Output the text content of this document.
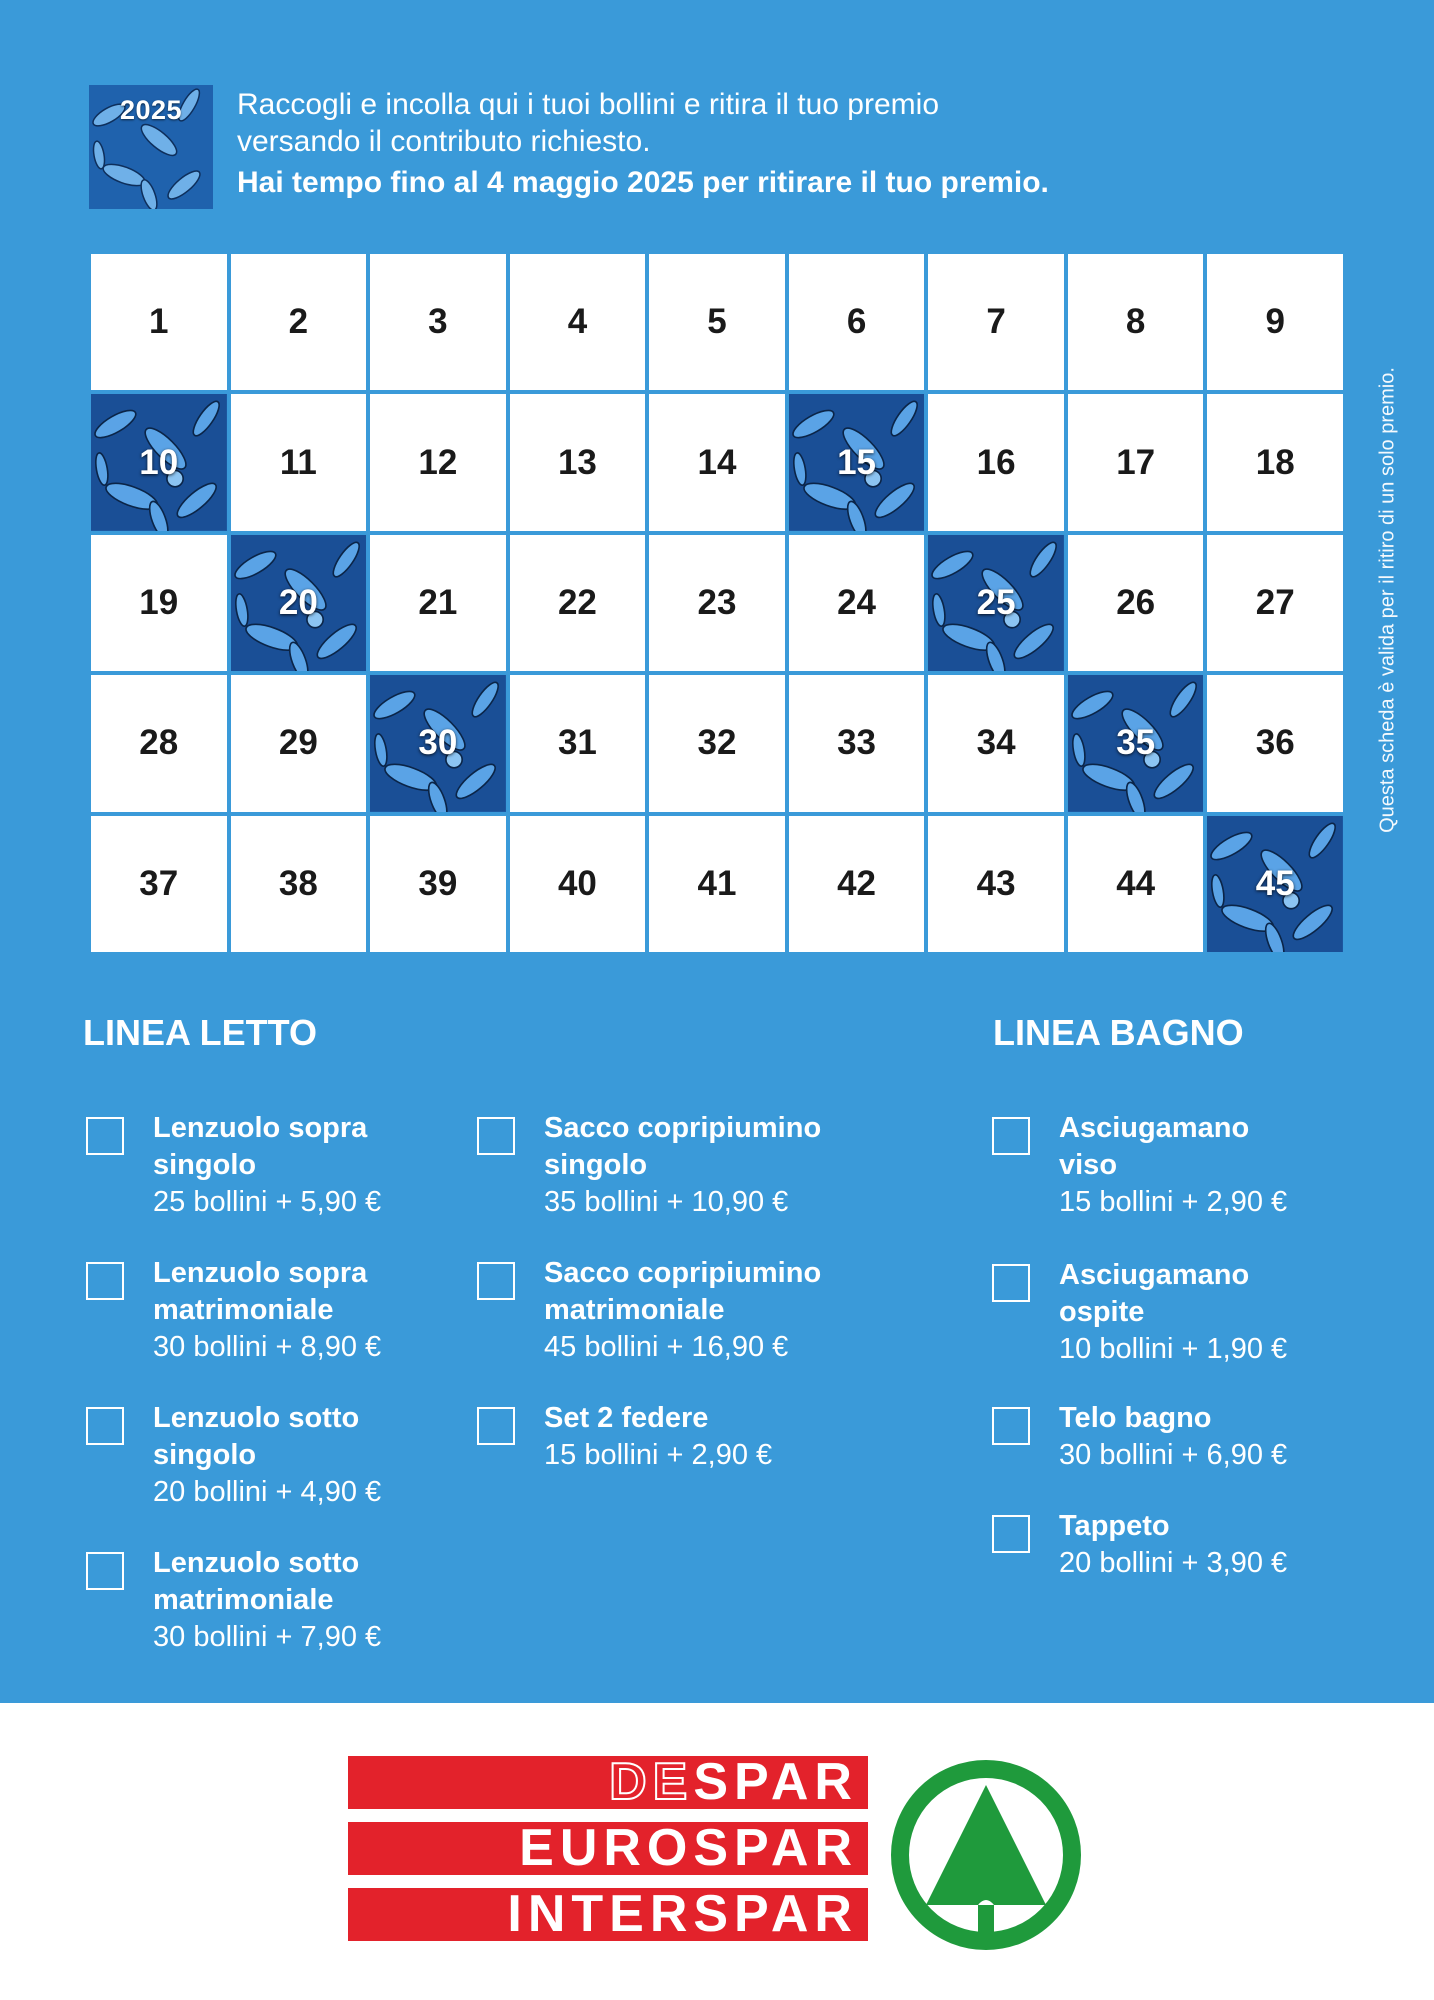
2025	Raccogli e incolla qui i tuoi bollini e ritira il tuo premio
versando il contributo richiesto.
Hai tempo fino al 4 maggio 2025 per ritirare il tuo premio.
1	2	3	4	5	6	7	8	9
10	11	12	13	14	15	16	17	18
19	20	21	22	23	24	25	26	27
28	29	30	31	32	33	34	35	36
37	38	39	40	41	42	43	44	45
Questa scheda è valida per il ritiro di un solo premio.
LINEA LETTO
Lenzuolo sopra
singolo
25 bollini + 5,90 €
Lenzuolo sopra
matrimoniale
30 bollini + 8,90 €
Lenzuolo sotto
singolo
20 bollini + 4,90 €
Lenzuolo sotto
matrimoniale
30 bollini + 7,90 €
Sacco copripiumino
singolo
35 bollini + 10,90 €
Sacco copripiumino
matrimoniale
45 bollini + 16,90 €
Set 2 federe
15 bollini + 2,90 €
LINEA BAGNO
Asciugamano
viso
15 bollini + 2,90 €
Asciugamano
ospite
10 bollini + 1,90 €
Telo bagno
30 bollini + 6,90 €
Tappeto
20 bollini + 3,90 €
DESPAR
EUROSPAR
INTERSPAR
